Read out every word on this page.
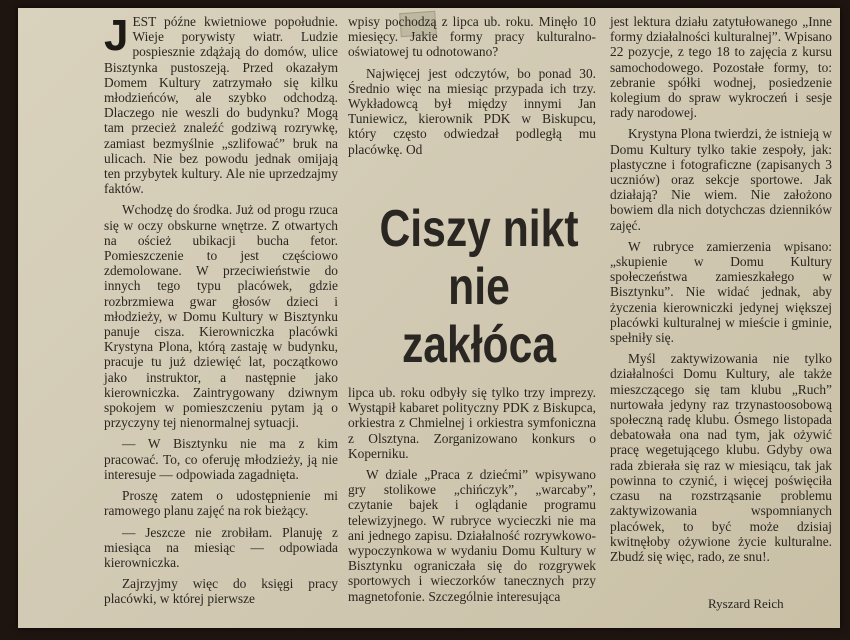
JEST późne kwietniowe popołudnie. Wieje porywisty wiatr. Ludzie pospiesznie zdążają do domów, ulice Bisztynka pustoszeją. Przed okazałym Domem Kultury zatrzymało się kilku młodzieńców, ale szybko odchodzą. Dlaczego nie weszli do budynku? Mogą tam przecież znaleźć godziwą rozrywkę, zamiast bezmyślnie „szlifować” bruk na ulicach. Nie bez powodu jednak omijają ten przybytek kultury. Ale nie uprzedzajmy faktów.

Wchodzę do środka. Już od progu rzuca się w oczy obskurne wnętrze. Z otwartych na oścież ubikacji bucha fetor. Pomieszczenie to jest częściowo zdemolowane. W przeciwieństwie do innych tego typu placówek, gdzie rozbrzmiewa gwar głosów dzieci i młodzieży, w Domu Kultury w Bisztynku panuje cisza. Kierowniczka placówki Krystyna Plona, którą zastaję w budynku, pracuje tu już dziewięć lat, początkowo jako instruktor, a następnie jako kierowniczka. Zaintrygowany dziwnym spokojem w pomieszczeniu pytam ją o przyczyny tej nienormalnej sytuacji.

— W Bisztynku nie ma z kim pracować. To, co oferuję młodzieży, ją nie interesuje — odpowiada zagadnięta.

Proszę zatem o udostępnienie mi ramowego planu zajęć na rok bieżący.

— Jeszcze nie zrobiłam. Planuję z miesiąca na miesiąc — odpowiada kierowniczka.

Zajrzyjmy więc do księgi pracy placówki, w której pierwsze

wpisy pochodzą z lipca ub. roku. Minęło 10 miesięcy. Jakie formy pracy kulturalno-oświatowej tu odnotowano?

Najwięcej jest odczytów, bo ponad 30. Średnio więc na miesiąc przypada ich trzy. Wykładowcą był między innymi Jan Tuniewicz, kierownik PDK w Biskupcu, który często odwiedzał podległą mu placówkę. Od

Ciszy nikt
nie zakłóca

lipca ub. roku odbyły się tylko trzy imprezy. Wystąpił kabaret polityczny PDK z Biskupca, orkiestra z Chmielnej i orkiestra symfoniczna z Olsztyna. Zorganizowano konkurs o Koperniku.

W dziale „Praca z dziećmi” wpisywano gry stolikowe „chińczyk”, „warcaby”, czytanie bajek i oglądanie programu telewizyjnego. W rubryce wycieczki nie ma ani jednego zapisu. Działalność rozrywkowo-wypoczynkowa w wydaniu Domu Kultury w Bisztynku ograniczała się do rozgrywek sportowych i wieczorków tanecznych przy magnetofonie. Szczególnie interesująca

jest lektura działu zatytułowanego „Inne formy działalności kulturalnej”. Wpisano 22 pozycje, z tego 18 to zajęcia z kursu samochodowego. Pozostałe formy, to: zebranie spółki wodnej, posiedzenie kolegium do spraw wykroczeń i sesje rady narodowej.

Krystyna Plona twierdzi, że istnieją w Domu Kultury tylko takie zespoły, jak: plastyczne i fotograficzne (zapisanych 3 uczniów) oraz sekcje sportowe. Jak działają? Nie wiem. Nie założono bowiem dla nich dotychczas dzienników zajęć.

W rubryce zamierzenia wpisano: „skupienie w Domu Kultury społeczeństwa zamieszkałego w Bisztynku”. Nie widać jednak, aby życzenia kierowniczki jedynej większej placówki kulturalnej w mieście i gminie, spełniły się.

Myśl zaktywizowania nie tylko działalności Domu Kultury, ale także mieszczącego się tam klubu „Ruch” nurtowała jedyny raz trzynastoosobową społeczną radę klubu. Ósmego listopada debatowała ona nad tym, jak ożywić pracę wegetującego klubu. Gdyby owa rada zbierała się raz w miesiącu, tak jak powinna to czynić, i więcej poświęciła czasu na rozstrząsanie problemu zaktywizowania wspomnianych placówek, to być może dzisiaj kwitnęłoby ożywione życie kulturalne. Zbudź się więc, rado, ze snu!.

Ryszard Reich
